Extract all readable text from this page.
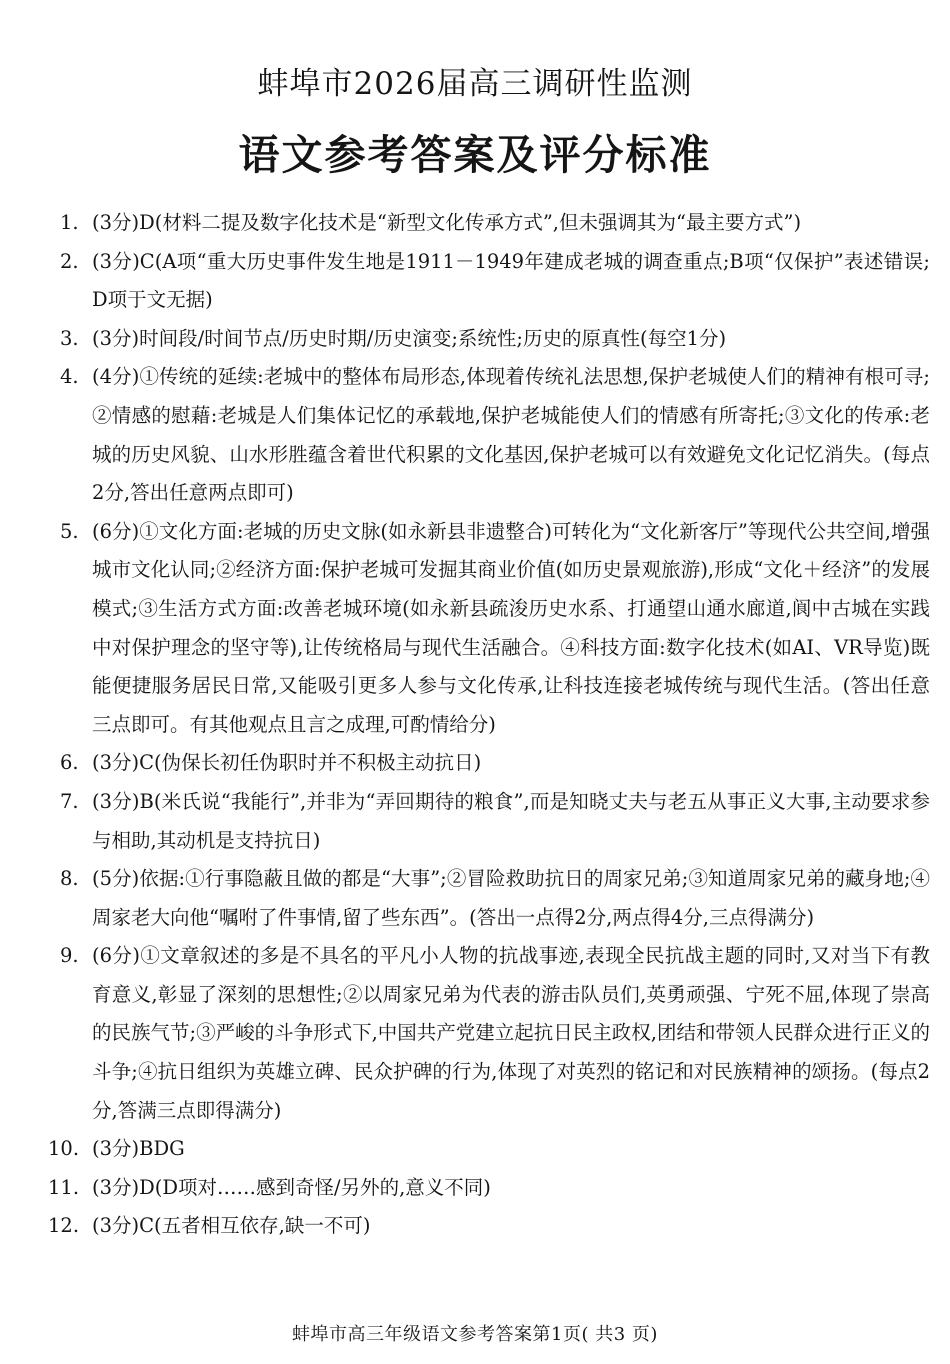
蚌埠市2026届高三调研性监测
语文参考答案及评分标准
1. (3分)D(材料二提及数字化技术是“新型文化传承方式”,但未强调其为“最主要方式”)
2. (3分)C(A项“重大历史事件发生地是1911－1949年建成老城的调查重点;B项“仅保护”表述错误;D项于文无据)
3. (3分)时间段/时间节点/历史时期/历史演变;系统性;历史的原真性(每空1分)
4. (4分)①传统的延续:老城中的整体布局形态,体现着传统礼法思想,保护老城使人们的精神有根可寻;②情感的慰藉:老城是人们集体记忆的承载地,保护老城能使人们的情感有所寄托;③文化的传承:老城的历史风貌、山水形胜蕴含着世代积累的文化基因,保护老城可以有效避免文化记忆消失。(每点2分,答出任意两点即可)
5. (6分)①文化方面:老城的历史文脉(如永新县非遗整合)可转化为“文化新客厅”等现代公共空间,增强城市文化认同;②经济方面:保护老城可发掘其商业价值(如历史景观旅游),形成“文化＋经济”的发展模式;③生活方式方面:改善老城环境(如永新县疏浚历史水系、打通望山通水廊道,阆中古城在实践中对保护理念的坚守等),让传统格局与现代生活融合。④科技方面:数字化技术(如AI、VR导览)既能便捷服务居民日常,又能吸引更多人参与文化传承,让科技连接老城传统与现代生活。(答出任意三点即可。有其他观点且言之成理,可酌情给分)
6. (3分)C(伪保长初任伪职时并不积极主动抗日)
7. (3分)B(米氏说“我能行”,并非为“弄回期待的粮食”,而是知晓丈夫与老五从事正义大事,主动要求参与相助,其动机是支持抗日)
8. (5分)依据:①行事隐蔽且做的都是“大事”;②冒险救助抗日的周家兄弟;③知道周家兄弟的藏身地;④周家老大向他“嘱咐了件事情,留了些东西”。(答出一点得2分,两点得4分,三点得满分)
9. (6分)①文章叙述的多是不具名的平凡小人物的抗战事迹,表现全民抗战主题的同时,又对当下有教育意义,彰显了深刻的思想性;②以周家兄弟为代表的游击队员们,英勇顽强、宁死不屈,体现了崇高的民族气节;③严峻的斗争形式下,中国共产党建立起抗日民主政权,团结和带领人民群众进行正义的斗争;④抗日组织为英雄立碑、民众护碑的行为,体现了对英烈的铭记和对民族精神的颂扬。(每点2分,答满三点即得满分)
10. (3分)BDG
11. (3分)D(D项对……感到奇怪/另外的,意义不同)
12. (3分)C(五者相互依存,缺一不可)
蚌埠市高三年级语文参考答案第1页( 共3 页)
